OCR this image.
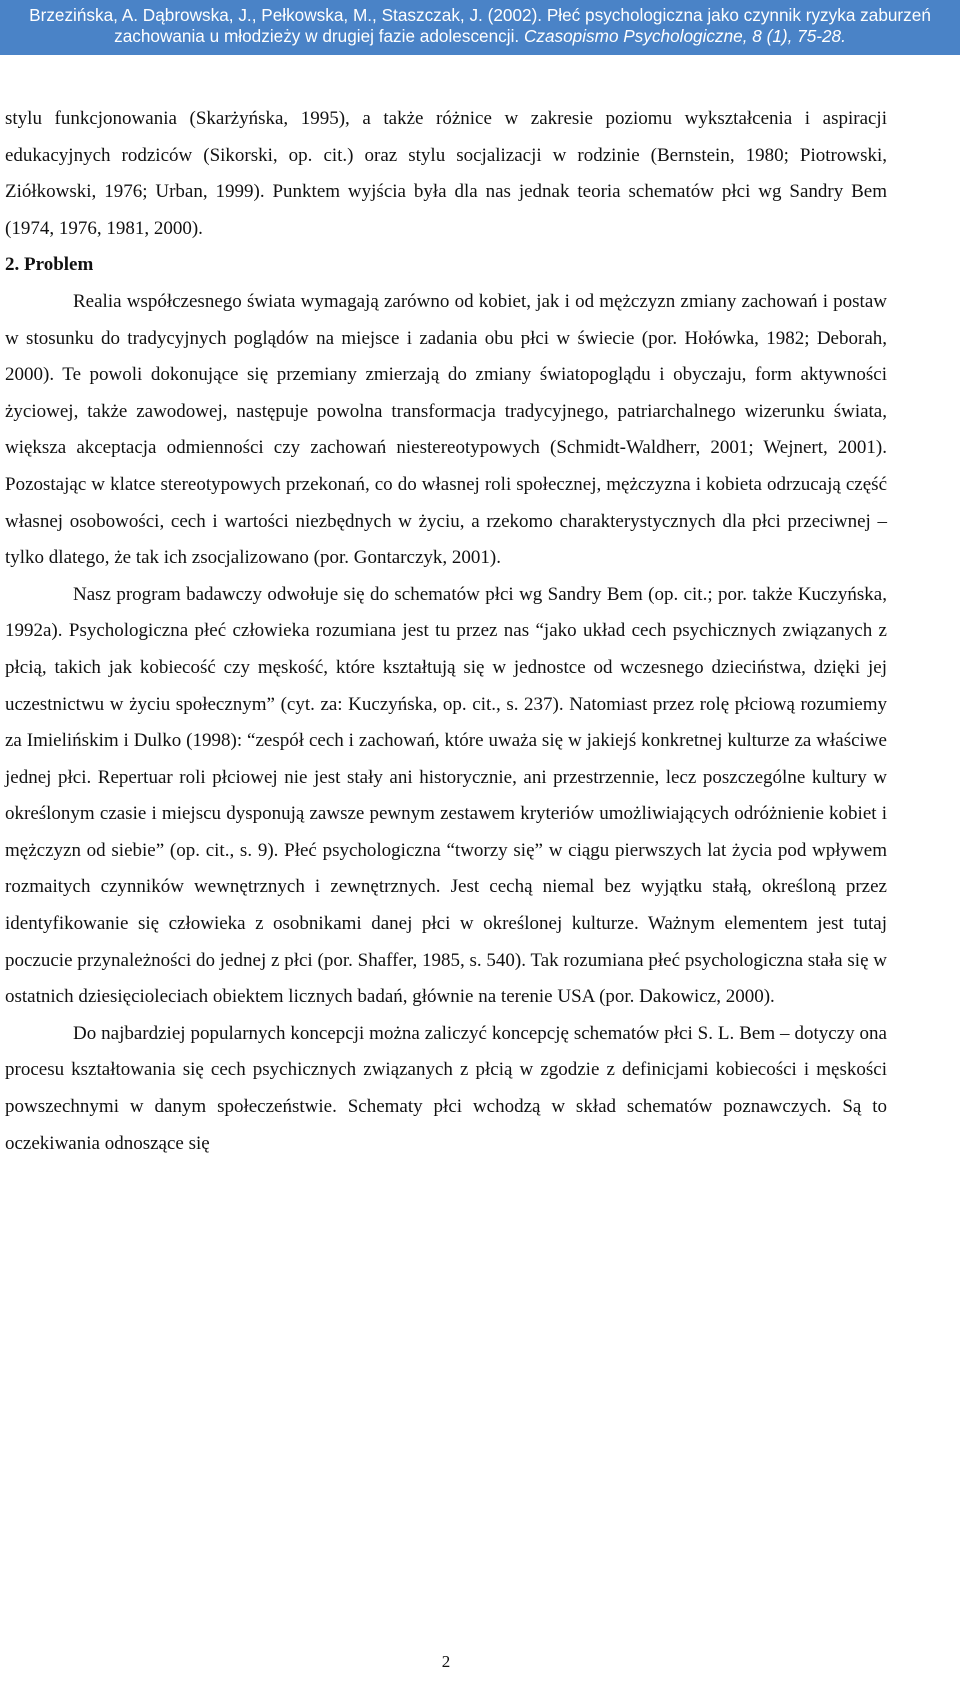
Brzezińska, A. Dąbrowska, J., Pełkowska, M., Staszczak, J. (2002). Płeć psychologiczna jako czynnik ryzyka zaburzeń
zachowania u młodzieży w drugiej fazie adolescencji. Czasopismo Psychologiczne, 8 (1), 75-28.

stylu funkcjonowania (Skarżyńska, 1995), a także różnice w zakresie poziomu wykształcenia i aspiracji edukacyjnych rodziców (Sikorski, op. cit.) oraz stylu socjalizacji w rodzinie (Bernstein, 1980; Piotrowski, Ziółkowski, 1976; Urban, 1999). Punktem wyjścia była dla nas jednak teoria schematów płci wg Sandry Bem (1974, 1976, 1981, 2000).

2. Problem

Realia współczesnego świata wymagają zarówno od kobiet, jak i od mężczyzn zmiany zachowań i postaw w stosunku do tradycyjnych poglądów na miejsce i zadania obu płci w świecie (por. Hołówka, 1982; Deborah, 2000). Te powoli dokonujące się przemiany zmierzają do zmiany światopoglądu i obyczaju, form aktywności życiowej, także zawodowej, następuje powolna transformacja tradycyjnego, patriarchalnego wizerunku świata, większa akceptacja odmienności czy zachowań niestereotypowych (Schmidt-Waldherr, 2001; Wejnert, 2001). Pozostając w klatce stereotypowych przekonań, co do własnej roli społecznej, mężczyzna i kobieta odrzucają część własnej osobowości, cech i wartości niezbędnych w życiu, a rzekomo charakterystycznych dla płci przeciwnej – tylko dlatego, że tak ich zsocjalizowano (por. Gontarczyk, 2001).

Nasz program badawczy odwołuje się do schematów płci wg Sandry Bem (op. cit.; por. także Kuczyńska, 1992a). Psychologiczna płeć człowieka rozumiana jest tu przez nas “jako układ cech psychicznych związanych z płcią, takich jak kobiecość czy męskość, które kształtują się w jednostce od wczesnego dzieciństwa, dzięki jej uczestnictwu w życiu społecznym” (cyt. za: Kuczyńska, op. cit., s. 237). Natomiast przez rolę płciową rozumiemy za Imielińskim i Dulko (1998): “zespół cech i zachowań, które uważa się w jakiejś konkretnej kulturze za właściwe jednej płci. Repertuar roli płciowej nie jest stały ani historycznie, ani przestrzennie, lecz poszczególne kultury w określonym czasie i miejscu dysponują zawsze pewnym zestawem kryteriów umożliwiających odróżnienie kobiet i mężczyzn od siebie” (op. cit., s. 9). Płeć psychologiczna “tworzy się” w ciągu pierwszych lat życia pod wpływem rozmaitych czynników wewnętrznych i zewnętrznych. Jest cechą niemal bez wyjątku stałą, określoną przez identyfikowanie się człowieka z osobnikami danej płci w określonej kulturze. Ważnym elementem jest tutaj poczucie przynależności do jednej z płci (por. Shaffer, 1985, s. 540). Tak rozumiana płeć psychologiczna stała się w ostatnich dziesięcioleciach obiektem licznych badań, głównie na terenie USA (por. Dakowicz, 2000).

Do najbardziej popularnych koncepcji można zaliczyć koncepcję schematów płci S. L. Bem – dotyczy ona procesu kształtowania się cech psychicznych związanych z płcią w zgodzie z definicjami kobiecości i męskości powszechnymi w danym społeczeństwie. Schematy płci wchodzą w skład schematów poznawczych. Są to oczekiwania odnoszące się

2
